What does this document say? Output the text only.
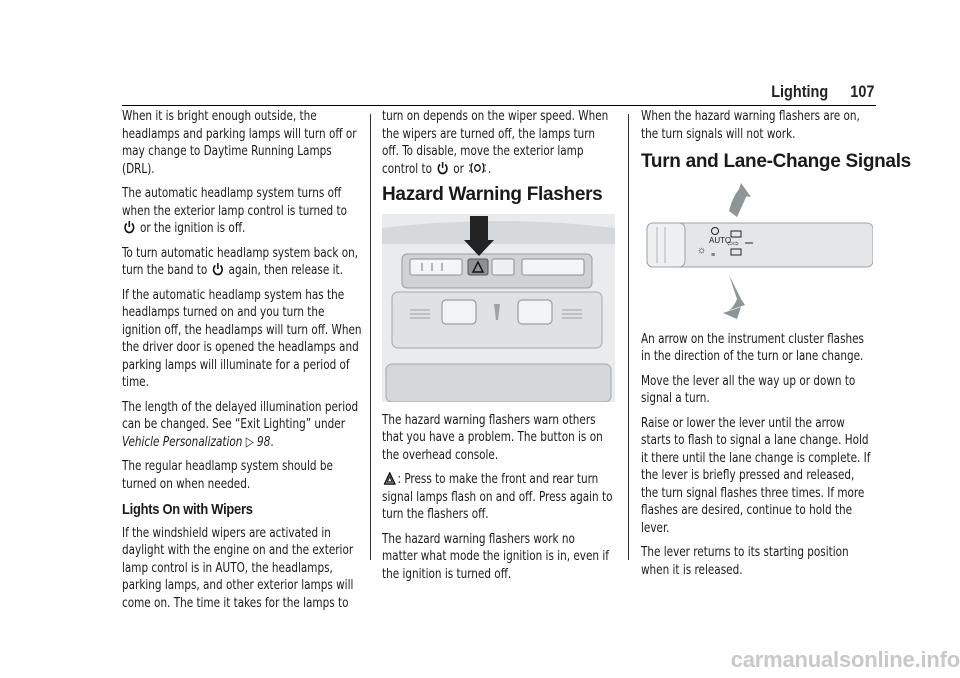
Lighting 107

When it is bright enough outside, the headlamps and parking lamps will turn off or may change to Daytime Running Lamps (DRL).

The automatic headlamp system turns off when the exterior lamp control is turned to
or the ignition is off.

To turn automatic headlamp system back on, turn the band to again, then release it.

If the automatic headlamp system has the headlamps turned on and you turn the ignition off, the headlamps will turn off. When the driver door is opened the headlamps and parking lamps will illuminate for a period of time.

The length of the delayed illumination period can be changed. See “Exit Lighting” under Vehicle Personalization ▷ 98.

The regular headlamp system should be turned on when needed.

Lights On with Wipers

If the windshield wipers are activated in daylight with the engine on and the exterior lamp control is in AUTO, the headlamps, parking lamps, and other exterior lamps will come on. The time it takes for the lamps to

turn on depends on the wiper speed. When the wipers are turned off, the lamps turn off. To disable, move the exterior lamp control to or .

Hazard Warning Flashers

The hazard warning flashers warn others that you have a problem. The button is on the overhead console.

: Press to make the front and rear turn signal lamps flash on and off. Press again to turn the flashers off.

The hazard warning flashers work no matter what mode the ignition is in, even if the ignition is turned off.

When the hazard warning flashers are on, the turn signals will not work.

Turn and Lane-Change Signals
☼
AUTO
≡
⇦⇨

An arrow on the instrument cluster flashes in the direction of the turn or lane change.

Move the lever all the way up or down to signal a turn.

Raise or lower the lever until the arrow starts to flash to signal a lane change. Hold it there until the lane change is complete. If the lever is briefly pressed and released, the turn signal flashes three times. If more flashes are desired, continue to hold the lever.

The lever returns to its starting position when it is released.

carmanualsonline.info
